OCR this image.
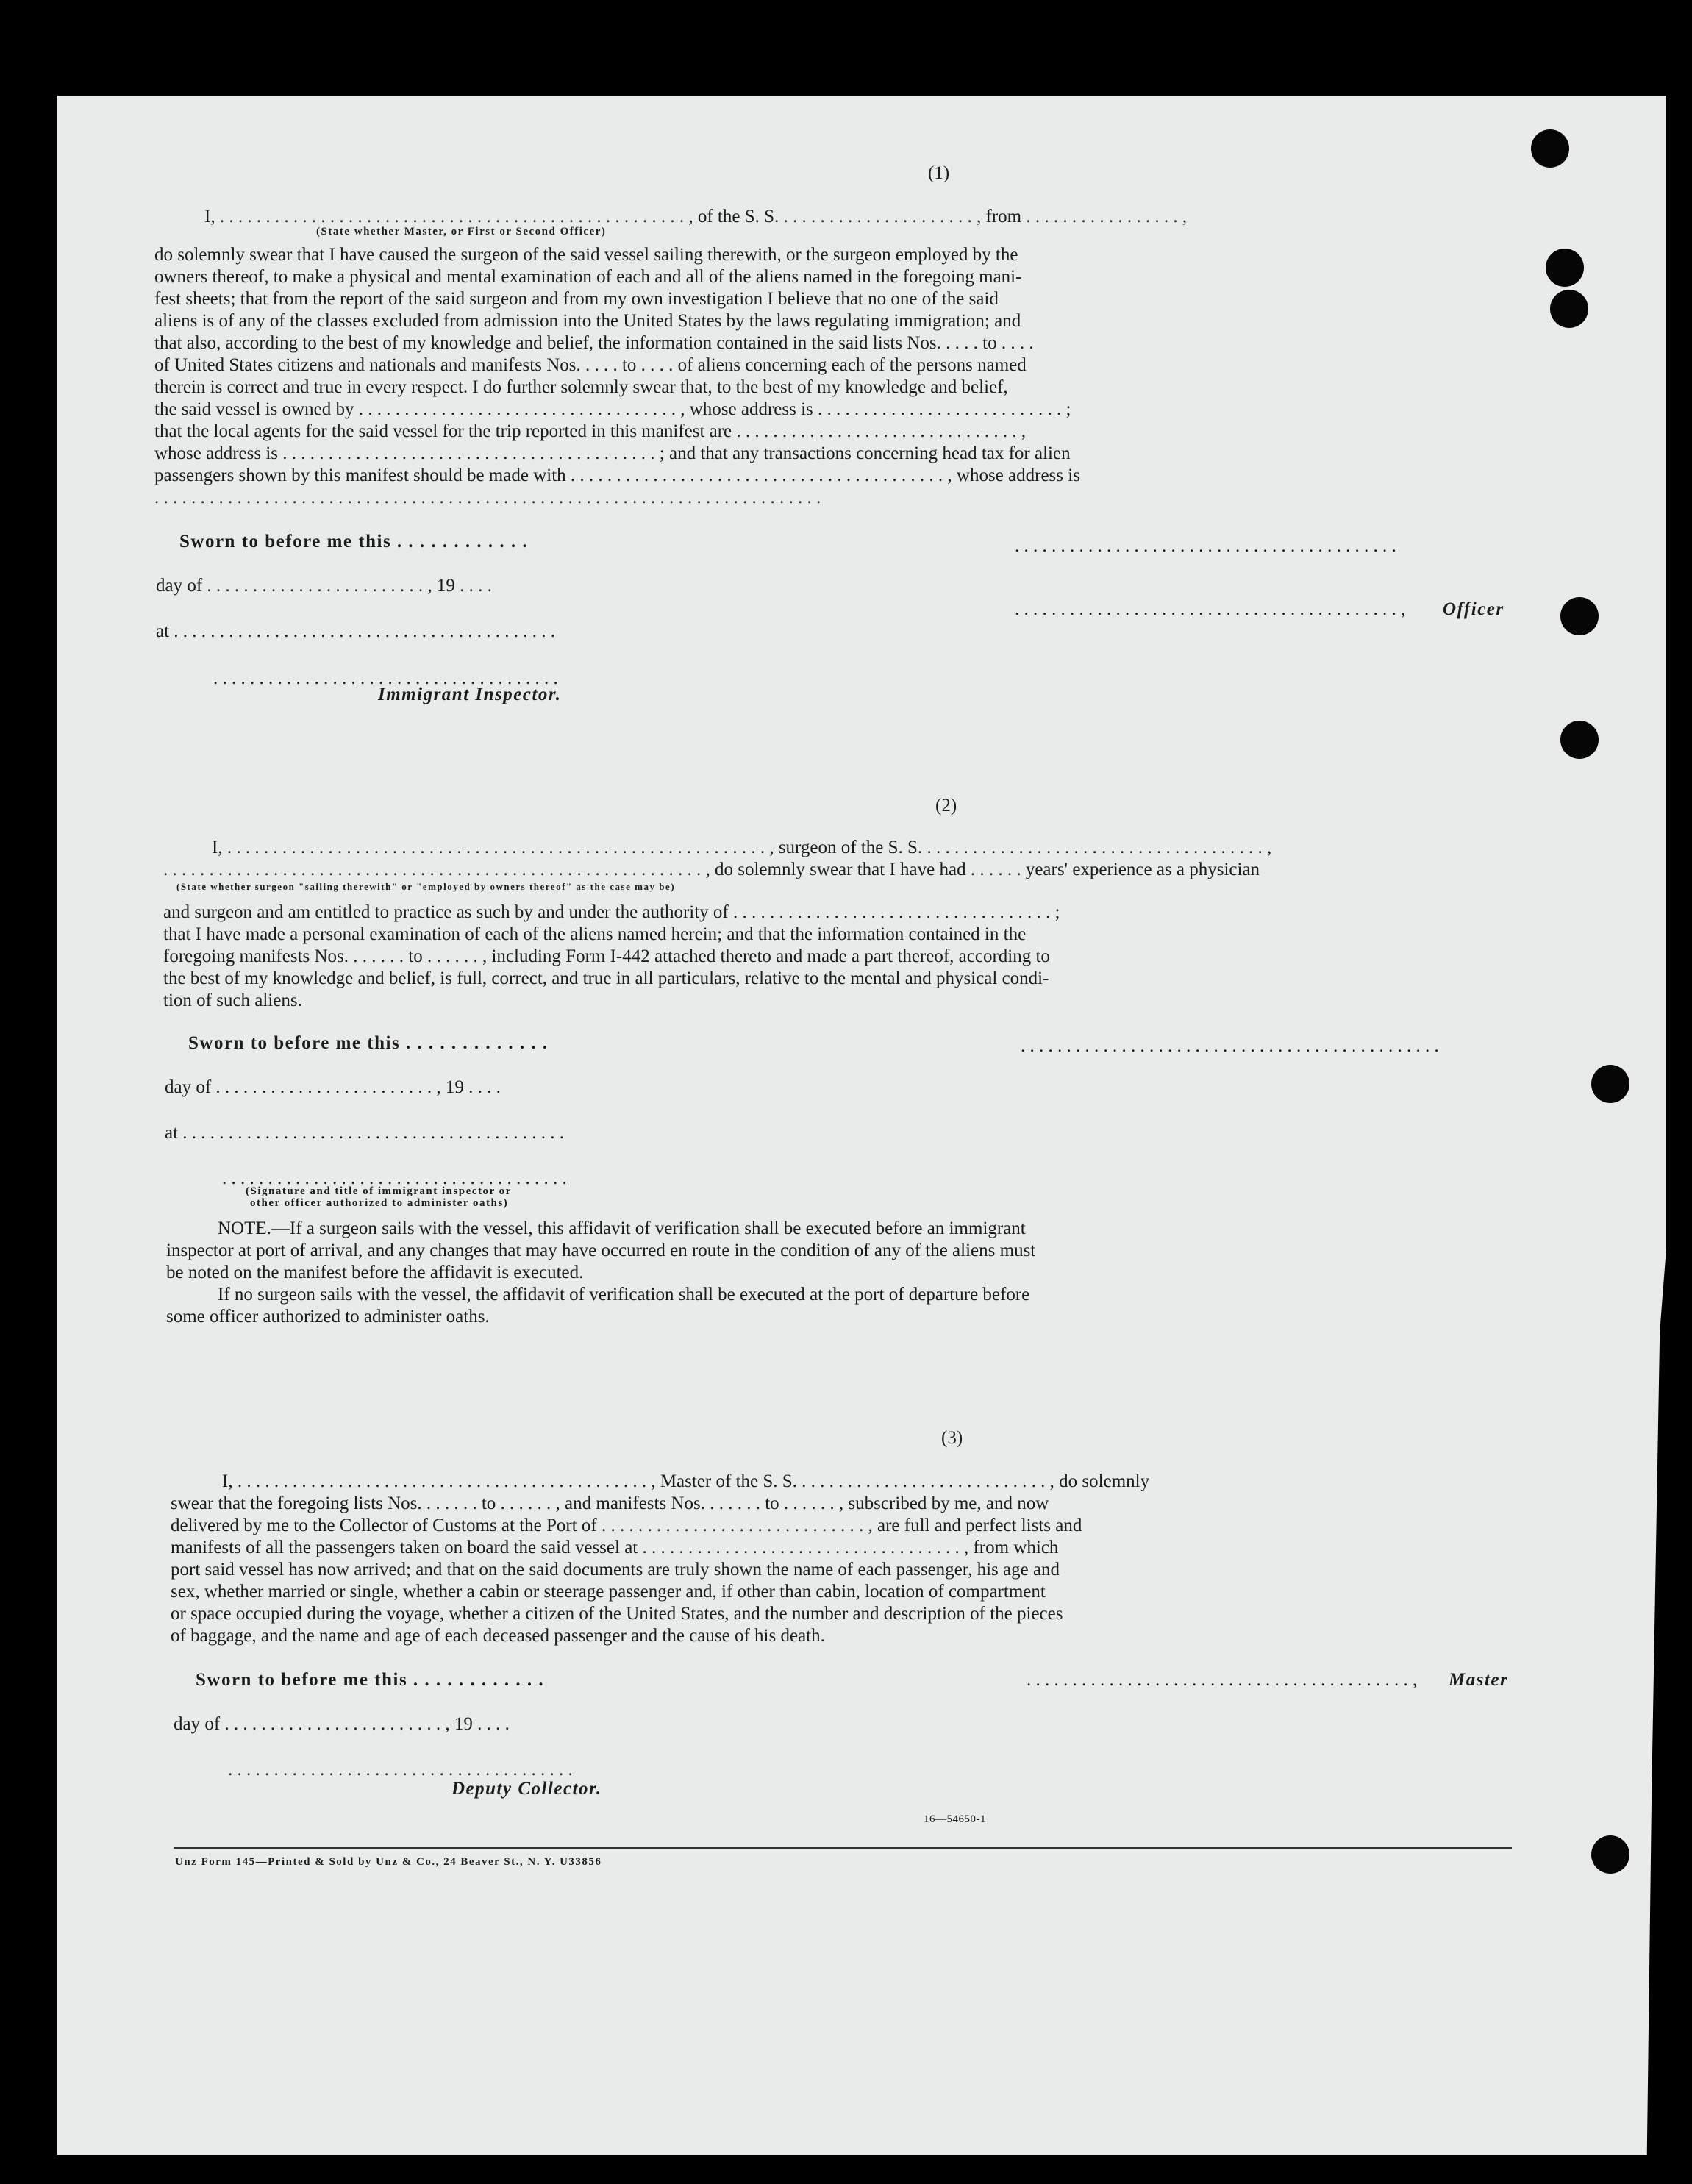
(1)
I, . . . . . . . . . . . . . . . . . . . . . . . . . . . . . . . . . . . . . . . . . . . . . . . . . . . , of the S. S. . . . . . . . . . . . . . . . . . . . . . , from . . . . . . . . . . . . . . . . . ,
(State whether Master, or First or Second Officer)
do solemnly swear that I have caused the surgeon of the said vessel sailing therewith, or the surgeon employed by the
owners thereof, to make a physical and mental examination of each and all of the aliens named in the foregoing mani-
fest sheets; that from the report of the said surgeon and from my own investigation I believe that no one of the said
aliens is of any of the classes excluded from admission into the United States by the laws regulating immigration; and
that also, according to the best of my knowledge and belief, the information contained in the said lists Nos. . . . . to . . . .
of United States citizens and nationals and manifests Nos. . . . . to . . . . of aliens concerning each of the persons named
therein is correct and true in every respect. I do further solemnly swear that, to the best of my knowledge and belief,
the said vessel is owned by . . . . . . . . . . . . . . . . . . . . . . . . . . . . . . . . . . . , whose address is . . . . . . . . . . . . . . . . . . . . . . . . . . . ;
that the local agents for the said vessel for the trip reported in this manifest are . . . . . . . . . . . . . . . . . . . . . . . . . . . . . . . ,
whose address is . . . . . . . . . . . . . . . . . . . . . . . . . . . . . . . . . . . . . . . . . ; and that any transactions concerning head tax for alien
passengers shown by this manifest should be made with . . . . . . . . . . . . . . . . . . . . . . . . . . . . . . . . . . . . . . . . . , whose address is
. . . . . . . . . . . . . . . . . . . . . . . . . . . . . . . . . . . . . . . . . . . . . . . . . . . . . . . . . . . . . . . . . . . . . . . . .
Sworn to before me this . . . . . . . . . . . .	. . . . . . . . . . . . . . . . . . . . . . . . . . . . . . . . . . . . . . . . . .
day of . . . . . . . . . . . . . . . . . . . . . . . . , 19 . . . .
. . . . . . . . . . . . . . . . . . . . . . . . . . . . . . . . . . . . . . . . . . , Officer
at . . . . . . . . . . . . . . . . . . . . . . . . . . . . . . . . . . . . . . . . . .
. . . . . . . . . . . . . . . . . . . . . . . . . . . . . . . . . . . . . .
Immigrant Inspector.
(2)
I, . . . . . . . . . . . . . . . . . . . . . . . . . . . . . . . . . . . . . . . . . . . . . . . . . . . . . . . . . . . , surgeon of the S. S. . . . . . . . . . . . . . . . . . . . . . . . . . . . . . . . . . . . . . ,
. . . . . . . . . . . . . . . . . . . . . . . . . . . . . . . . . . . . . . . . . . . . . . . . . . . . . . . . . . . , do solemnly swear that I have had . . . . . . years' experience as a physician
(State whether surgeon "sailing therewith" or "employed by owners thereof" as the case may be)
and surgeon and am entitled to practice as such by and under the authority of . . . . . . . . . . . . . . . . . . . . . . . . . . . . . . . . . . . ;
that I have made a personal examination of each of the aliens named herein; and that the information contained in the
foregoing manifests Nos. . . . . . . to . . . . . . , including Form I-442 attached thereto and made a part thereof, according to
the best of my knowledge and belief, is full, correct, and true in all particulars, relative to the mental and physical condi-
tion of such aliens.
Sworn to before me this . . . . . . . . . . . . .	. . . . . . . . . . . . . . . . . . . . . . . . . . . . . . . . . . . . . . . . . . . . . .
day of . . . . . . . . . . . . . . . . . . . . . . . . , 19 . . . .
at . . . . . . . . . . . . . . . . . . . . . . . . . . . . . . . . . . . . . . . . . .
. . . . . . . . . . . . . . . . . . . . . . . . . . . . . . . . . . . . . .
(Signature and title of immigrant inspector or
other officer authorized to administer oaths)
NOTE.—If a surgeon sails with the vessel, this affidavit of verification shall be executed before an immigrant
inspector at port of arrival, and any changes that may have occurred en route in the condition of any of the aliens must
be noted on the manifest before the affidavit is executed.
If no surgeon sails with the vessel, the affidavit of verification shall be executed at the port of departure before
some officer authorized to administer oaths.
(3)
I, . . . . . . . . . . . . . . . . . . . . . . . . . . . . . . . . . . . . . . . . . . . . . , Master of the S. S. . . . . . . . . . . . . . . . . . . . . . . . . . . . , do solemnly
swear that the foregoing lists Nos. . . . . . . to . . . . . . , and manifests Nos. . . . . . . to . . . . . . , subscribed by me, and now
delivered by me to the Collector of Customs at the Port of . . . . . . . . . . . . . . . . . . . . . . . . . . . . . , are full and perfect lists and
manifests of all the passengers taken on board the said vessel at . . . . . . . . . . . . . . . . . . . . . . . . . . . . . . . . . . . , from which
port said vessel has now arrived; and that on the said documents are truly shown the name of each passenger, his age and
sex, whether married or single, whether a cabin or steerage passenger and, if other than cabin, location of compartment
or space occupied during the voyage, whether a citizen of the United States, and the number and description of the pieces
of baggage, and the name and age of each deceased passenger and the cause of his death.
Sworn to before me this . . . . . . . . . . . .	. . . . . . . . . . . . . . . . . . . . . . . . . . . . . . . . . . . . . . . . . . , Master
day of . . . . . . . . . . . . . . . . . . . . . . . . , 19 . . . .
. . . . . . . . . . . . . . . . . . . . . . . . . . . . . . . . . . . . . .
Deputy Collector.
16—54650-1
Unz Form 145—Printed & Sold by Unz & Co., 24 Beaver St., N. Y. U33856
